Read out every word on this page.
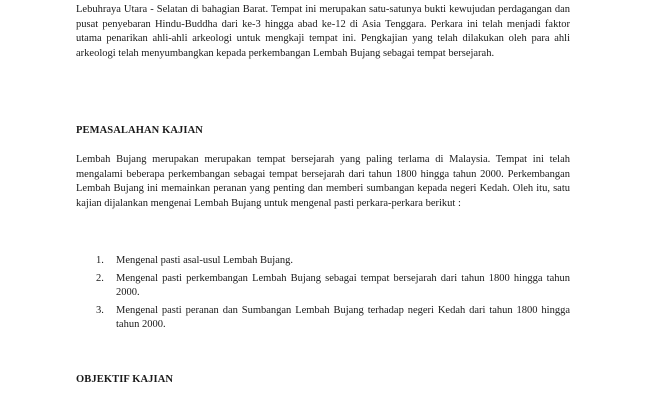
Lebuhraya Utara - Selatan di bahagian Barat. Tempat ini merupakan satu-satunya bukti kewujudan perdagangan dan pusat penyebaran Hindu-Buddha dari ke-3 hingga abad ke-12 di Asia Tenggara. Perkara ini telah menjadi faktor utama penarikan ahli-ahli arkeologi untuk mengkaji tempat ini. Pengkajian yang telah dilakukan oleh para ahli arkeologi telah menyumbangkan kepada perkembangan Lembah Bujang sebagai tempat bersejarah.

PEMASALAHAN KAJIAN

Lembah Bujang merupakan merupakan tempat bersejarah yang paling terlama di Malaysia. Tempat ini telah mengalami beberapa perkembangan sebagai tempat bersejarah dari tahun 1800 hingga tahun 2000. Perkembangan Lembah Bujang ini memainkan peranan yang penting dan memberi sumbangan kepada negeri Kedah. Oleh itu, satu kajian dijalankan mengenai Lembah Bujang untuk mengenal pasti perkara-perkara berikut :

1. Mengenal pasti asal-usul Lembah Bujang.
2. Mengenal pasti perkembangan Lembah Bujang sebagai tempat bersejarah dari tahun 1800 hingga tahun 2000.
3. Mengenal pasti peranan dan Sumbangan Lembah Bujang terhadap negeri Kedah dari tahun 1800 hingga tahun 2000.
OBJEKTIF KAJIAN
